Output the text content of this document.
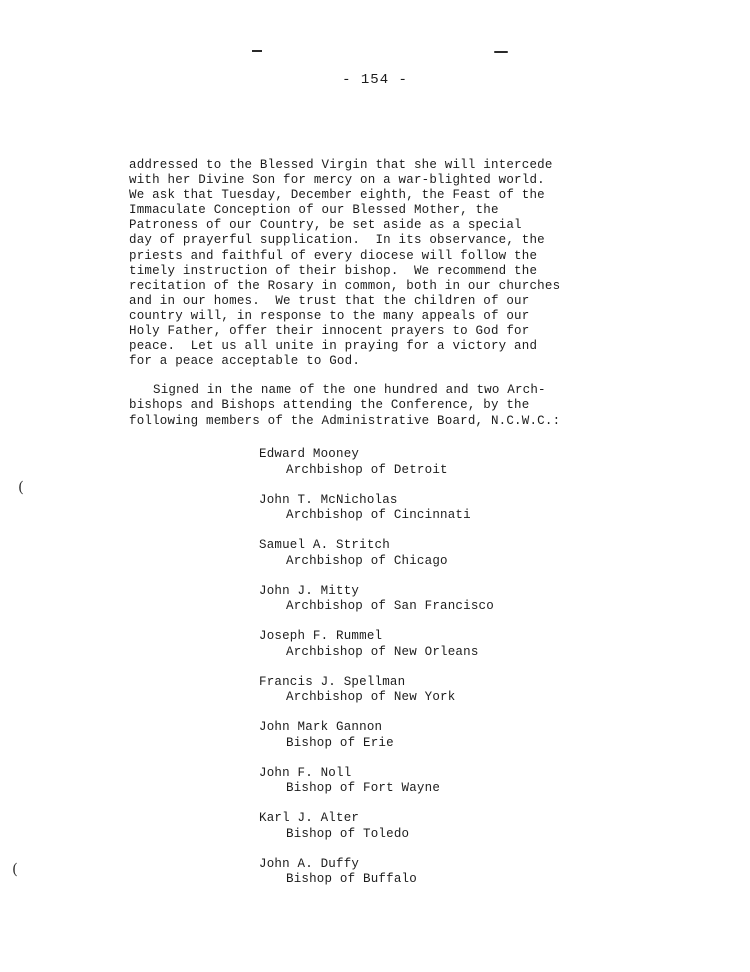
- 154 -
addressed to the Blessed Virgin that she will intercede
with her Divine Son for mercy on a war-blighted world.
We ask that Tuesday, December eighth, the Feast of the
Immaculate Conception of our Blessed Mother, the
Patroness of our Country, be set aside as a special
day of prayerful supplication.  In its observance, the
priests and faithful of every diocese will follow the
timely instruction of their bishop.  We recommend the
recitation of the Rosary in common, both in our churches
and in our homes.  We trust that the children of our
country will, in response to the many appeals of our
Holy Father, offer their innocent prayers to God for
peace.  Let us all unite in praying for a victory and
for a peace acceptable to God.
Signed in the name of the one hundred and two Arch-
bishops and Bishops attending the Conference, by the
following members of the Administrative Board, N.C.W.C.:
Edward Mooney
Archbishop of Detroit
John T. McNicholas
Archbishop of Cincinnati
Samuel A. Stritch
Archbishop of Chicago
John J. Mitty
Archbishop of San Francisco
Joseph F. Rummel
Archbishop of New Orleans
Francis J. Spellman
Archbishop of New York
John Mark Gannon
Bishop of Erie
John F. Noll
Bishop of Fort Wayne
Karl J. Alter
Bishop of Toledo
John A. Duffy
Bishop of Buffalo
(
(
